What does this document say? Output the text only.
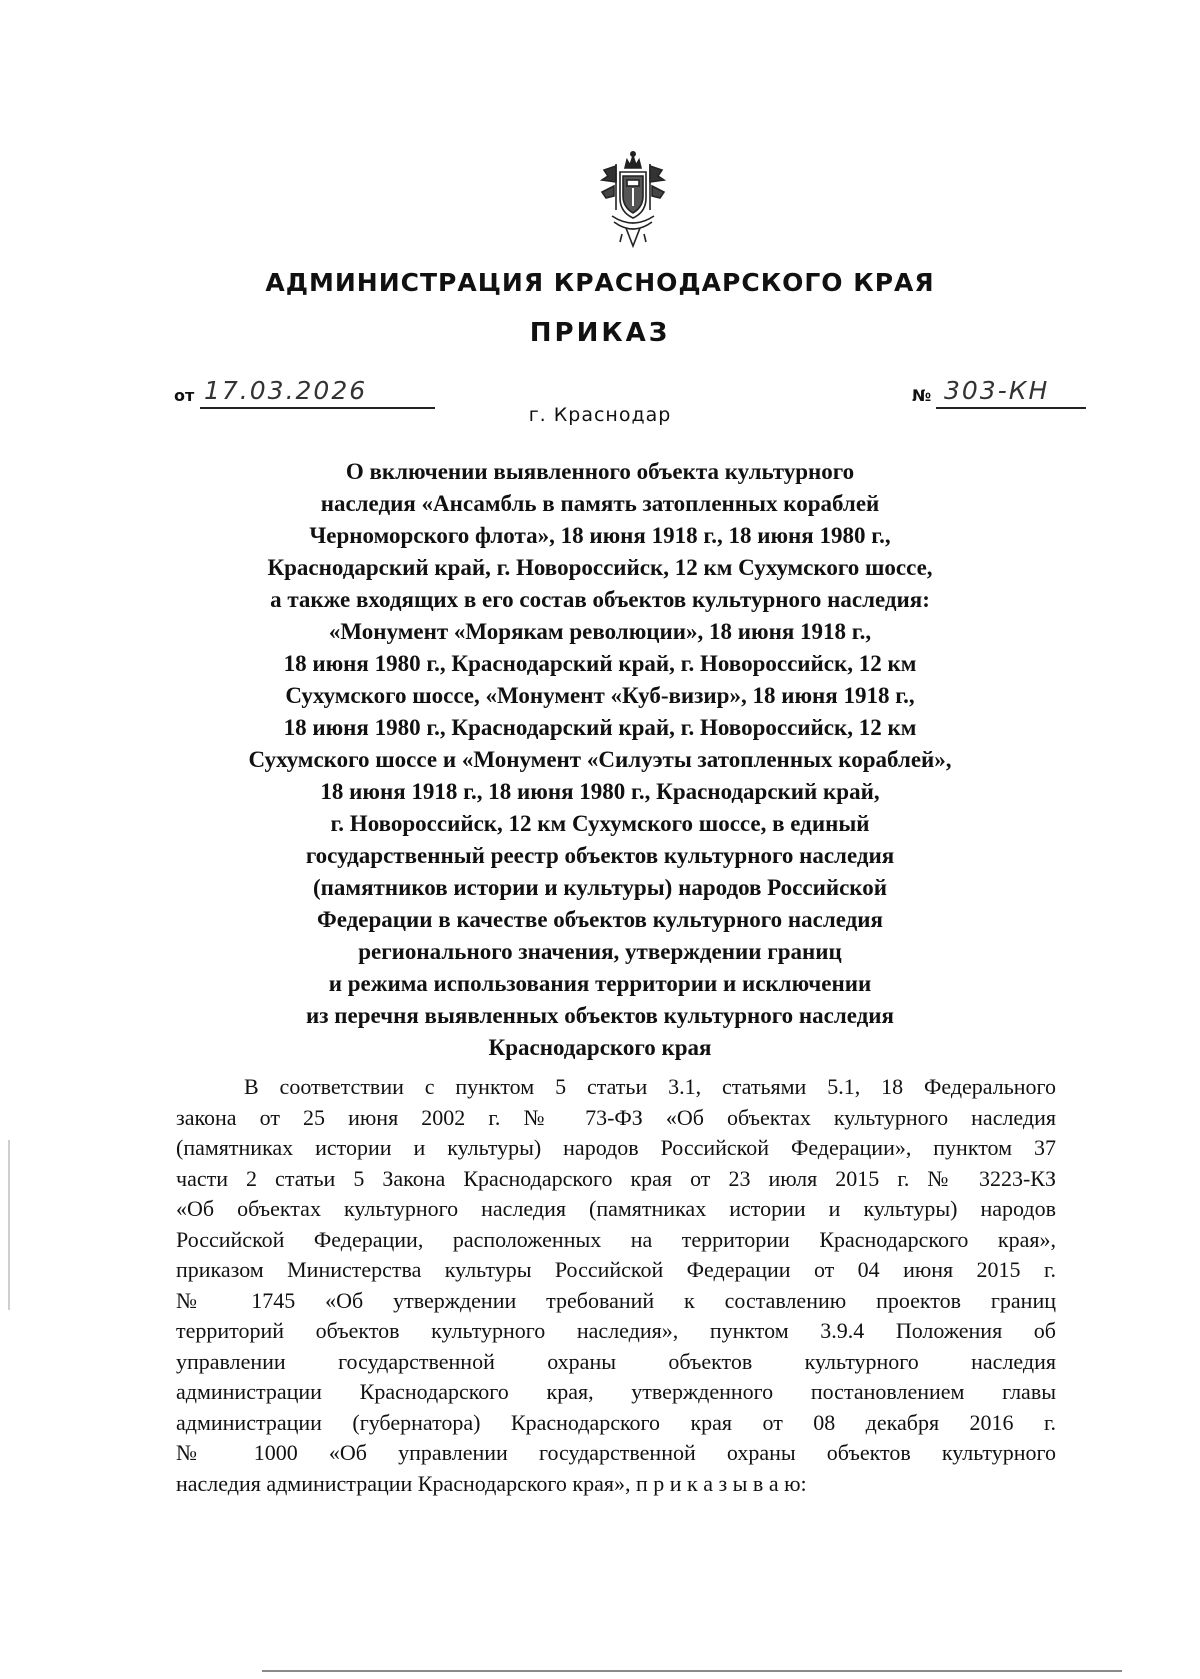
АДМИНИСТРАЦИЯ КРАСНОДАРСКОГО КРАЯ
ПРИКАЗ
от 17.03.2026	№ 303-КН
г. Краснодар
О включении выявленного объекта культурного
наследия «Ансамбль в память затопленных кораблей
Черноморского флота», 18 июня 1918 г., 18 июня 1980 г.,
Краснодарский край, г. Новороссийск, 12 км Сухумского шоссе,
а также входящих в его состав объектов культурного наследия:
«Монумент «Морякам революции», 18 июня 1918 г.,
18 июня 1980 г., Краснодарский край, г. Новороссийск, 12 км
Сухумского шоссе, «Монумент «Куб-визир», 18 июня 1918 г.,
18 июня 1980 г., Краснодарский край, г. Новороссийск, 12 км
Сухумского шоссе и «Монумент «Силуэты затопленных кораблей»,
18 июня 1918 г., 18 июня 1980 г., Краснодарский край,
г. Новороссийск, 12 км Сухумского шоссе, в единый
государственный реестр объектов культурного наследия
(памятников истории и культуры) народов Российской
Федерации в качестве объектов культурного наследия
регионального значения, утверждении границ
и режима использования территории и исключении
из перечня выявленных объектов культурного наследия
Краснодарского края
В соответствии с пунктом 5 статьи 3.1, статьями 5.1, 18 Федерального
закона от 25 июня 2002 г. № 73-ФЗ «Об объектах культурного наследия
(памятниках истории и культуры) народов Российской Федерации», пунктом 37
части 2 статьи 5 Закона Краснодарского края от 23 июля 2015 г. № 3223-КЗ
«Об объектах культурного наследия (памятниках истории и культуры) народов
Российской Федерации, расположенных на территории Краснодарского края»,
приказом Министерства культуры Российской Федерации от 04 июня 2015 г.
№ 1745 «Об утверждении требований к составлению проектов границ
территорий объектов культурного наследия», пунктом 3.9.4 Положения об
управлении государственной охраны объектов культурного наследия
администрации Краснодарского края, утвержденного постановлением главы
администрации (губернатора) Краснодарского края от 08 декабря 2016 г.
№ 1000 «Об управлении государственной охраны объектов культурного
наследия администрации Краснодарского края», п р и к а з ы в а ю:
